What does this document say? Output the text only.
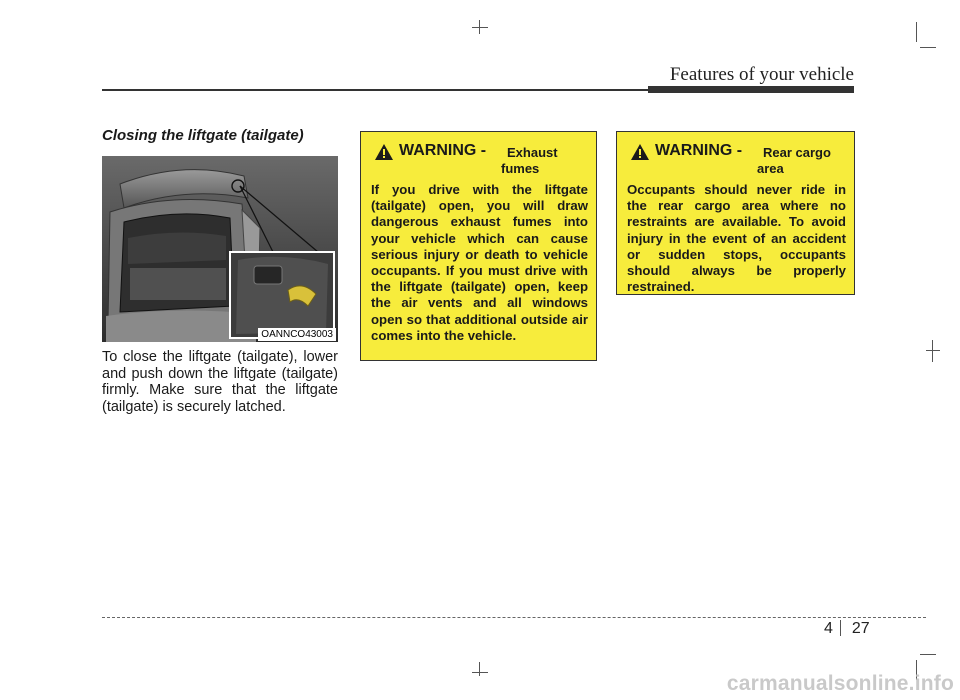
Features of your vehicle
Closing the liftgate (tailgate)
OANNCO43003
To close the liftgate (tailgate), lower and push down the liftgate (tailgate) firmly. Make sure that the liftgate (tailgate) is securely latched.
WARNING - Exhaust
fumes
If you drive with the liftgate (tailgate) open, you will draw dangerous exhaust fumes into your vehicle which can cause serious injury or death to vehicle occupants. If you must drive with the liftgate (tailgate) open, keep the air vents and all windows open so that additional outside air comes into the vehicle.
WARNING - Rear cargo
area
Occupants should never ride in the rear cargo area where no restraints are available. To avoid injury in the event of an accident or sudden stops, occupants should always be properly restrained.
4 27
carmanualsonline.info
